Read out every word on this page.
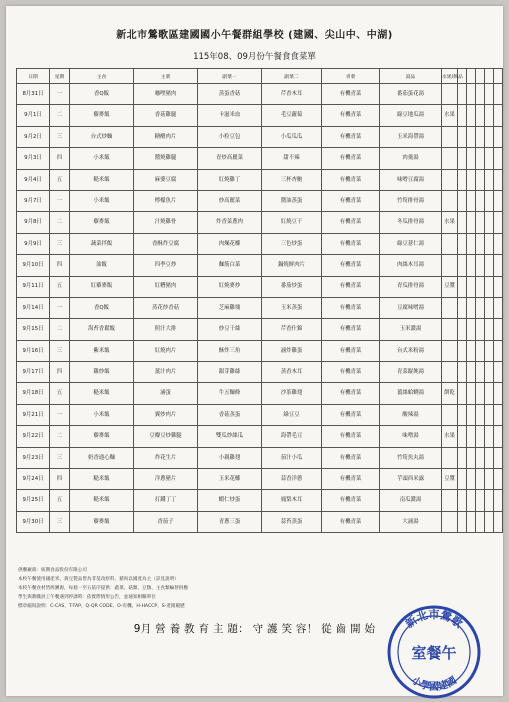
新北市鶯歌區建國國小午餐群組學校 (建國、尖山中、中湖)
115年08、09月份午餐食食菜單
日期	星期	主食	主菜	副菜一	副菜二	青菜	湯品	水果/飲品					
8月31日	一	香Q飯	咖哩豬肉	蒸蛋香菇	芹香木耳	有機青菜	番茄蛋花湯						
9月1日	二	藜麥飯	香菇雞腿	卡滋米血	毛豆蘿蔔	有機青菜	綠豆地瓜湯	水果					
9月2日	三	台式炒麵	糖醋肉片	小粒豆包	小瓜瓜瓜	有機青菜	玉米海帶湯						
9月3日	四	小米飯	醬燒雞腿	青炒高麗菜	甜不辣	有機青菜	肉羹湯						
9月4日	五	糙米飯	麻婆豆腐	紅燒雞丁	三杯杏鮑	有機青菜	味噌豆腐湯						
9月7日	一	小米飯	檸檬魚片	炒高麗菜	醬油蒸蛋	有機青菜	竹筍排骨湯						
9月8日	二	藜麥飯	汁燒雞骨	炸香菜蔥肉	紅燒豆干	有機青菜	冬瓜排骨湯	水果					
9月9日	三	蔬菜拌飯	香酥炸豆腐	肉燥花椰	三色炒蛋	有機青菜	綠豆薏仁湯						
9月10日	四	油飯	四季豆炒	麵筋白菜	鍋燒鮮肉片	有機青菜	肉絲木耳湯						
9月11日	五	紅藜麥飯	紅糟豬肉	紅燒麥炒	番茄炒蛋	有機青菜	青瓜排骨湯	豆漿					
9月14日	一	香Q飯	蒸花炒香菇	芝麻雞塊	玉米蒸蛋	有機青菜	豆腐味噌湯						
9月15日	二	海苔香鬆飯	照汁大排	炒豆干絲	芹香什錦	有機青菜	玉米濃湯						
9月16日	三	紫米飯	紅燒肉片	酥炸三角	滷炸雞蛋	有機青菜	台式米粉湯						
9月17日	四	雞炒飯	薑汁肉片	銀芽雞絲	蒸香木耳	有機青菜	青菜餛飩湯						
9月18日	五	糙米飯	滷蛋	牛五麵條	沙茶雞翅	有機青菜	薑絲蛤蜊湯	餅乾					
9月21日	一	小米飯	翼炒肉片	香菇蒸蛋	綠豆豆	有機青菜	酸辣湯						
9月22日	二	藜麥飯	豆瓣豆炒雞腿	雙瓜炒絲瓜	海帶毛豆	有機青菜	味噌湯	水果					
9月23日	三	奶香通心麵	炸花生片	小親雞翅	茄汁小瓜	有機青菜	竹筍魚丸湯						
9月24日	四	糙米飯	洋蔥豬片	玉米花椰	蒜香洋蔥	有機青菜	芋頭西米露	豆漿					
9月25日	五	糙米飯	打鐵丁丁	蝦仁炒蛋	鳳梨木耳	有機青菜	南瓜濃湯						
9月30日	三	藜麥飯	香茄子	青蔥三蛋	蒜苔蒸蛋	有機青菜	大滷湯						
供餐廠商：統興食品股份有限公司
本校午餐使用國產米、黃豆製品皆為非基改原料，豬肉以國產為主（詳見說明）
本校午餐食材皆經溯源，每週一至五依序提供：蔬菜、菇類、豆類、主食類輪替供應
學生與教職員工午餐遇到停課時：依實際情形公告，並通知相關單位
標章縮寫說明：C-CAS、T-TAP、Q-QR CODE、O-有機、H-HACCP、S-產銷履歷
9月 營 養 教 育 主 題： 守 護 笑 容！ 從 齒 開 始	新北市鶯歌
室餐午
小學國建國
